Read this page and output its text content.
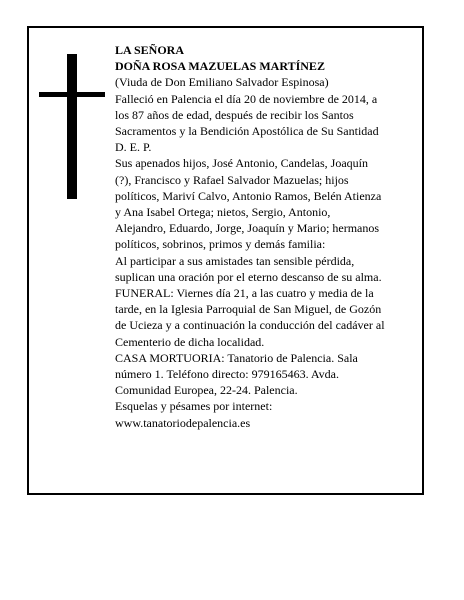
LA SEÑORA
DOÑA ROSA MAZUELAS MARTÍNEZ
(Viuda de Don Emiliano Salvador Espinosa)
Falleció en Palencia el día 20 de noviembre de 2014, a
los 87 años de edad, después de recibir los Santos
Sacramentos y la Bendición Apostólica de Su Santidad
D. E. P.
Sus apenados hijos, José Antonio, Candelas, Joaquín
(?), Francisco y Rafael Salvador Mazuelas; hijos
políticos, Mariví Calvo, Antonio Ramos, Belén Atienza
y Ana Isabel Ortega; nietos, Sergio, Antonio,
Alejandro, Eduardo, Jorge, Joaquín y Mario; hermanos
políticos, sobrinos, primos y demás familia:
Al participar a sus amistades tan sensible pérdida,
suplican una oración por el eterno descanso de su alma.
FUNERAL: Viernes día 21, a las cuatro y media de la
tarde, en la Iglesia Parroquial de San Miguel, de Gozón
de Ucieza y a continuación la conducción del cadáver al
Cementerio de dicha localidad.
CASA MORTUORIA: Tanatorio de Palencia. Sala
número 1. Teléfono directo: 979165463. Avda.
Comunidad Europea, 22-24. Palencia.
Esquelas y pésames por internet:
www.tanatoriodepalencia.es
